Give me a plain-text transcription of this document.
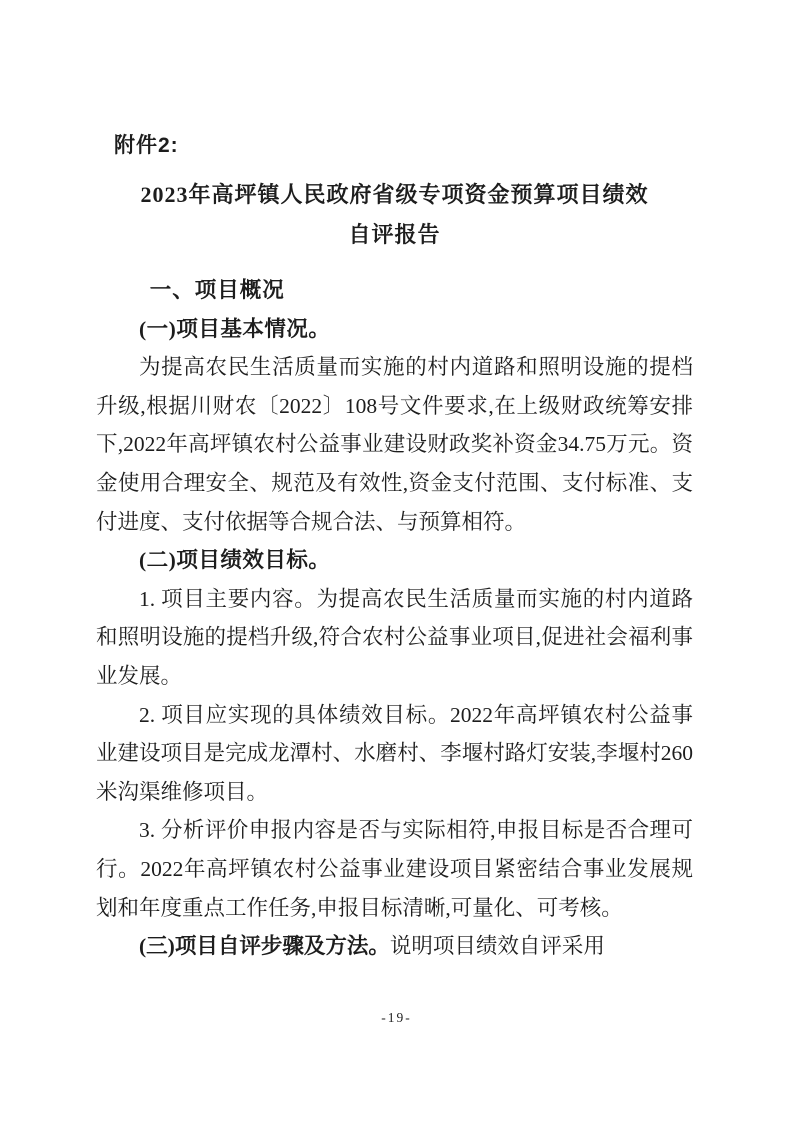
附件2:
2023年高坪镇人民政府省级专项资金预算项目绩效
自评报告

一、项目概况

(一)项目基本情况。

为提高农民生活质量而实施的村内道路和照明设施的提档升级,根据川财农〔2022〕108号文件要求,在上级财政统筹安排下,2022年高坪镇农村公益事业建设财政奖补资金34.75万元。资金使用合理安全、规范及有效性,资金支付范围、支付标准、支付进度、支付依据等合规合法、与预算相符。

(二)项目绩效目标。

1. 项目主要内容。为提高农民生活质量而实施的村内道路和照明设施的提档升级,符合农村公益事业项目,促进社会福利事业发展。

2. 项目应实现的具体绩效目标。2022年高坪镇农村公益事业建设项目是完成龙潭村、水磨村、李堰村路灯安装,李堰村260米沟渠维修项目。

3. 分析评价申报内容是否与实际相符,申报目标是否合理可行。2022年高坪镇农村公益事业建设项目紧密结合事业发展规划和年度重点工作任务,申报目标清晰,可量化、可考核。

(三)项目自评步骤及方法。说明项目绩效自评采用

-19-
